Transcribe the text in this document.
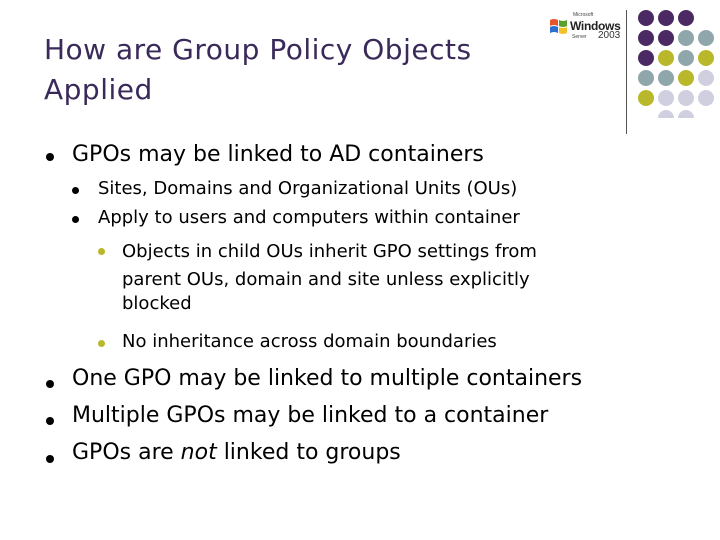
How are Group Policy Objects
Applied
Microsoft
Windows
Server 2003
GPOs may be linked to AD containers
Sites, Domains and Organizational Units (OUs)
Apply to users and computers within container
Objects in child OUs inherit GPO settings from
parent OUs, domain and site unless explicitly
blocked
No inheritance across domain boundaries
One GPO may be linked to multiple containers
Multiple GPOs may be linked to a container
GPOs are not linked to groups
